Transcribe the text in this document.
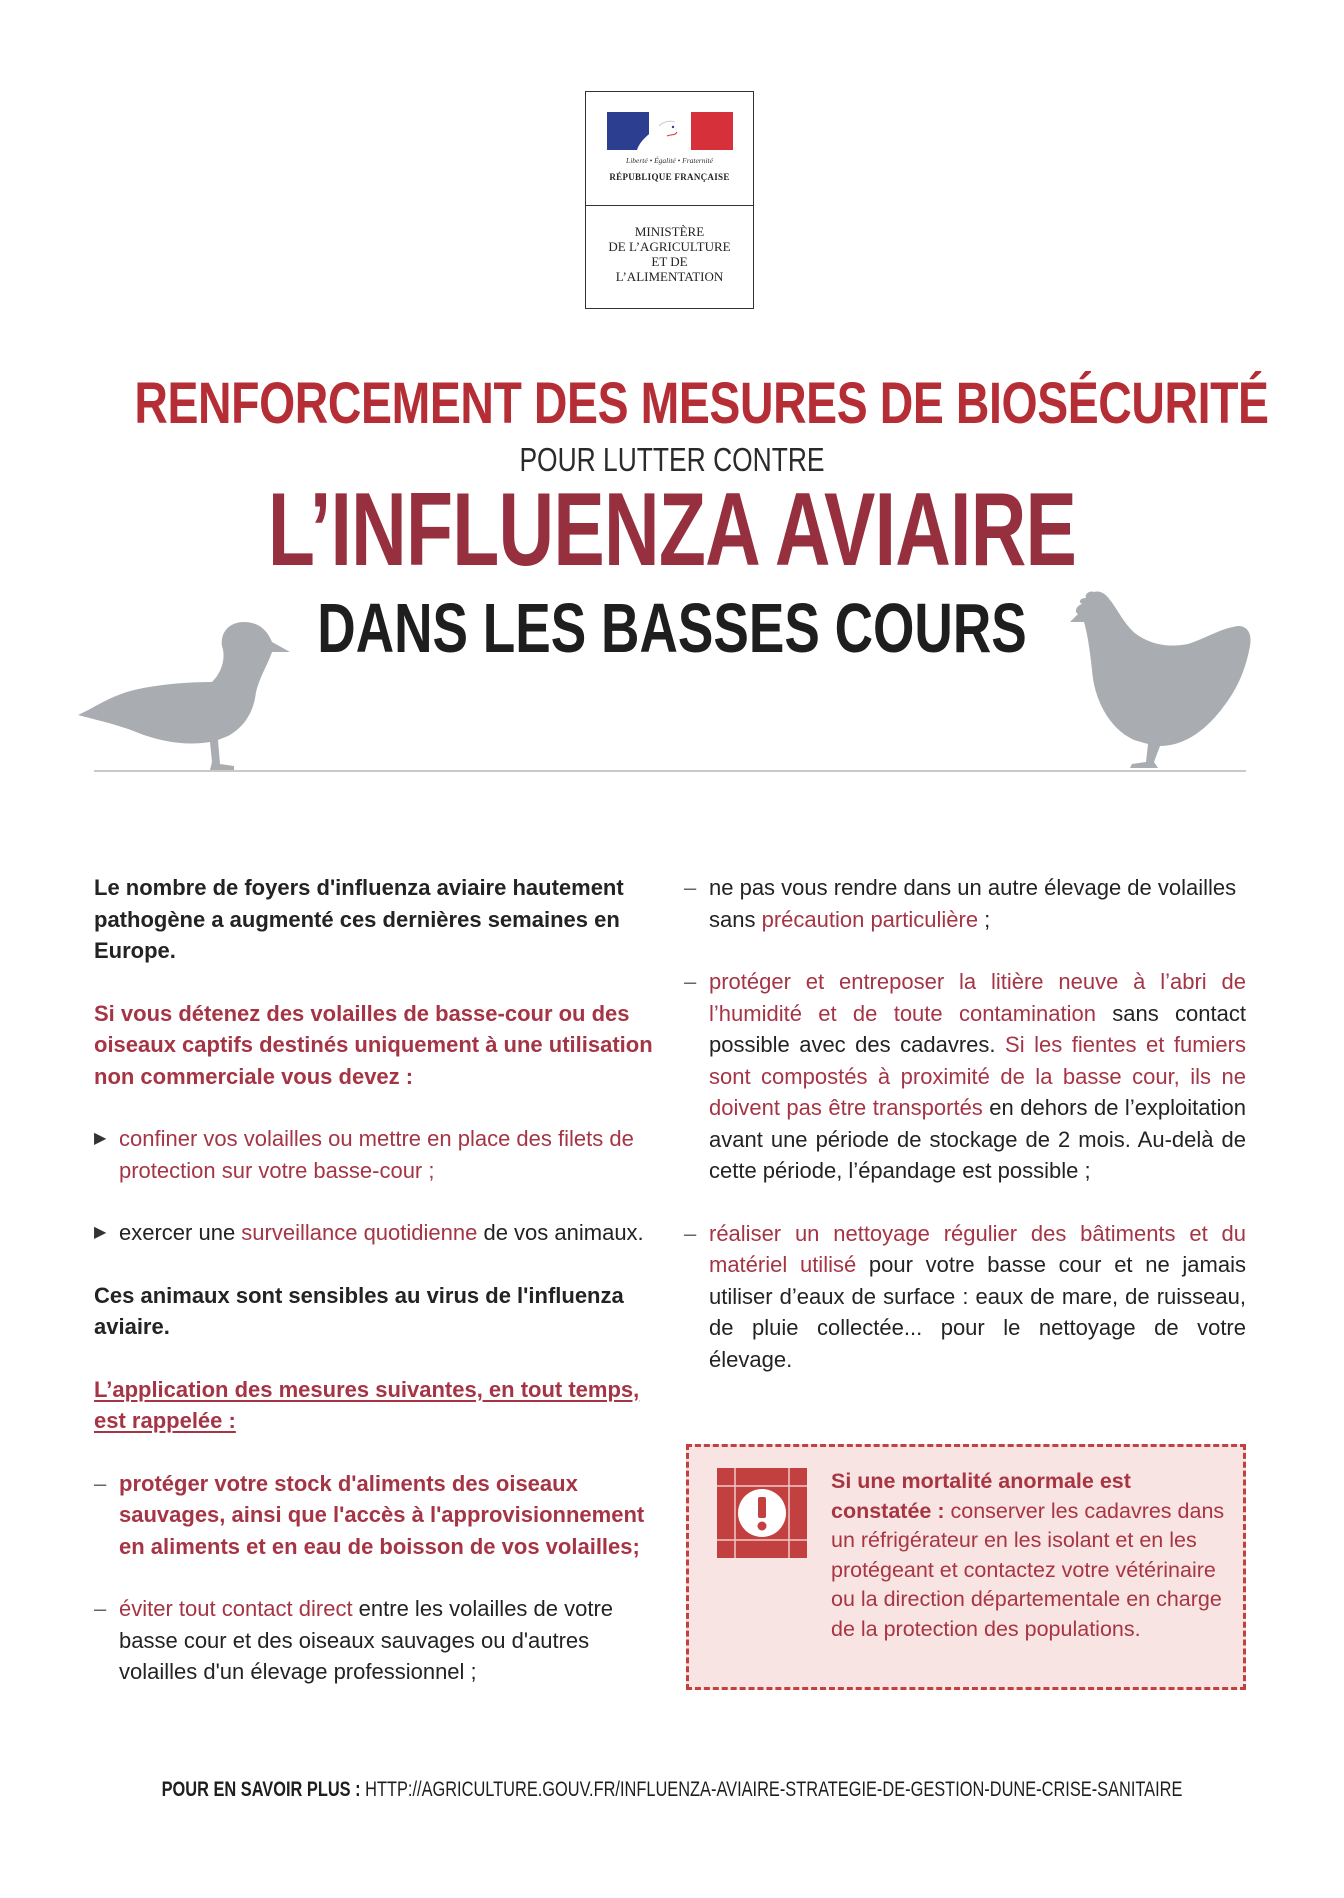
Liberté • Égalité • Fraternité
RÉPUBLIQUE FRANÇAISE
MINISTÈRE
DE L’AGRICULTURE
ET DE
L’ALIMENTATION
RENFORCEMENT DES MESURES DE BIOSÉCURITÉ
POUR LUTTER CONTRE
L’INFLUENZA AVIAIRE
DANS LES BASSES COURS
Le nombre de foyers d'influenza aviaire hautement pathogène a augmenté ces dernières semaines en Europe.
Si vous détenez des volailles de basse-cour ou des oiseaux captifs destinés uniquement à une utilisation non commerciale vous devez :
▶ confiner vos volailles ou mettre en place des filets de protection sur votre basse-cour ;
▶ exercer une surveillance quotidienne de vos animaux.
Ces animaux sont sensibles au virus de l'influenza aviaire.
L’application des mesures suivantes, en tout temps, est rappelée :
– protéger votre stock d'aliments des oiseaux sauvages, ainsi que l'accès à l'approvisionnement en aliments et en eau de boisson de vos volailles;
– éviter tout contact direct entre les volailles de votre basse cour et des oiseaux sauvages ou d'autres volailles d'un élevage professionnel ;
– ne pas vous rendre dans un autre élevage de volailles sans précaution particulière ;
– protéger et entreposer la litière neuve à l’abri de l’humidité et de toute contamination sans contact possible avec des cadavres. Si les fientes et fumiers sont compostés à proximité de la basse cour, ils ne doivent pas être transportés en dehors de l’exploitation avant une période de stockage de 2 mois. Au-delà de cette période, l’épandage est possible ;
– réaliser un nettoyage régulier des bâtiments et du matériel utilisé pour votre basse cour et ne jamais utiliser d’eaux de surface : eaux de mare, de ruisseau, de pluie collectée... pour le nettoyage de votre élevage.
Si une mortalité anormale est constatée : conserver les cadavres dans un réfrigérateur en les isolant et en les protégeant et contactez votre vétérinaire ou la direction départementale en charge de la protection des populations.
POUR EN SAVOIR PLUS : HTTP://AGRICULTURE.GOUV.FR/INFLUENZA-AVIAIRE-STRATEGIE-DE-GESTION-DUNE-CRISE-SANITAIRE
